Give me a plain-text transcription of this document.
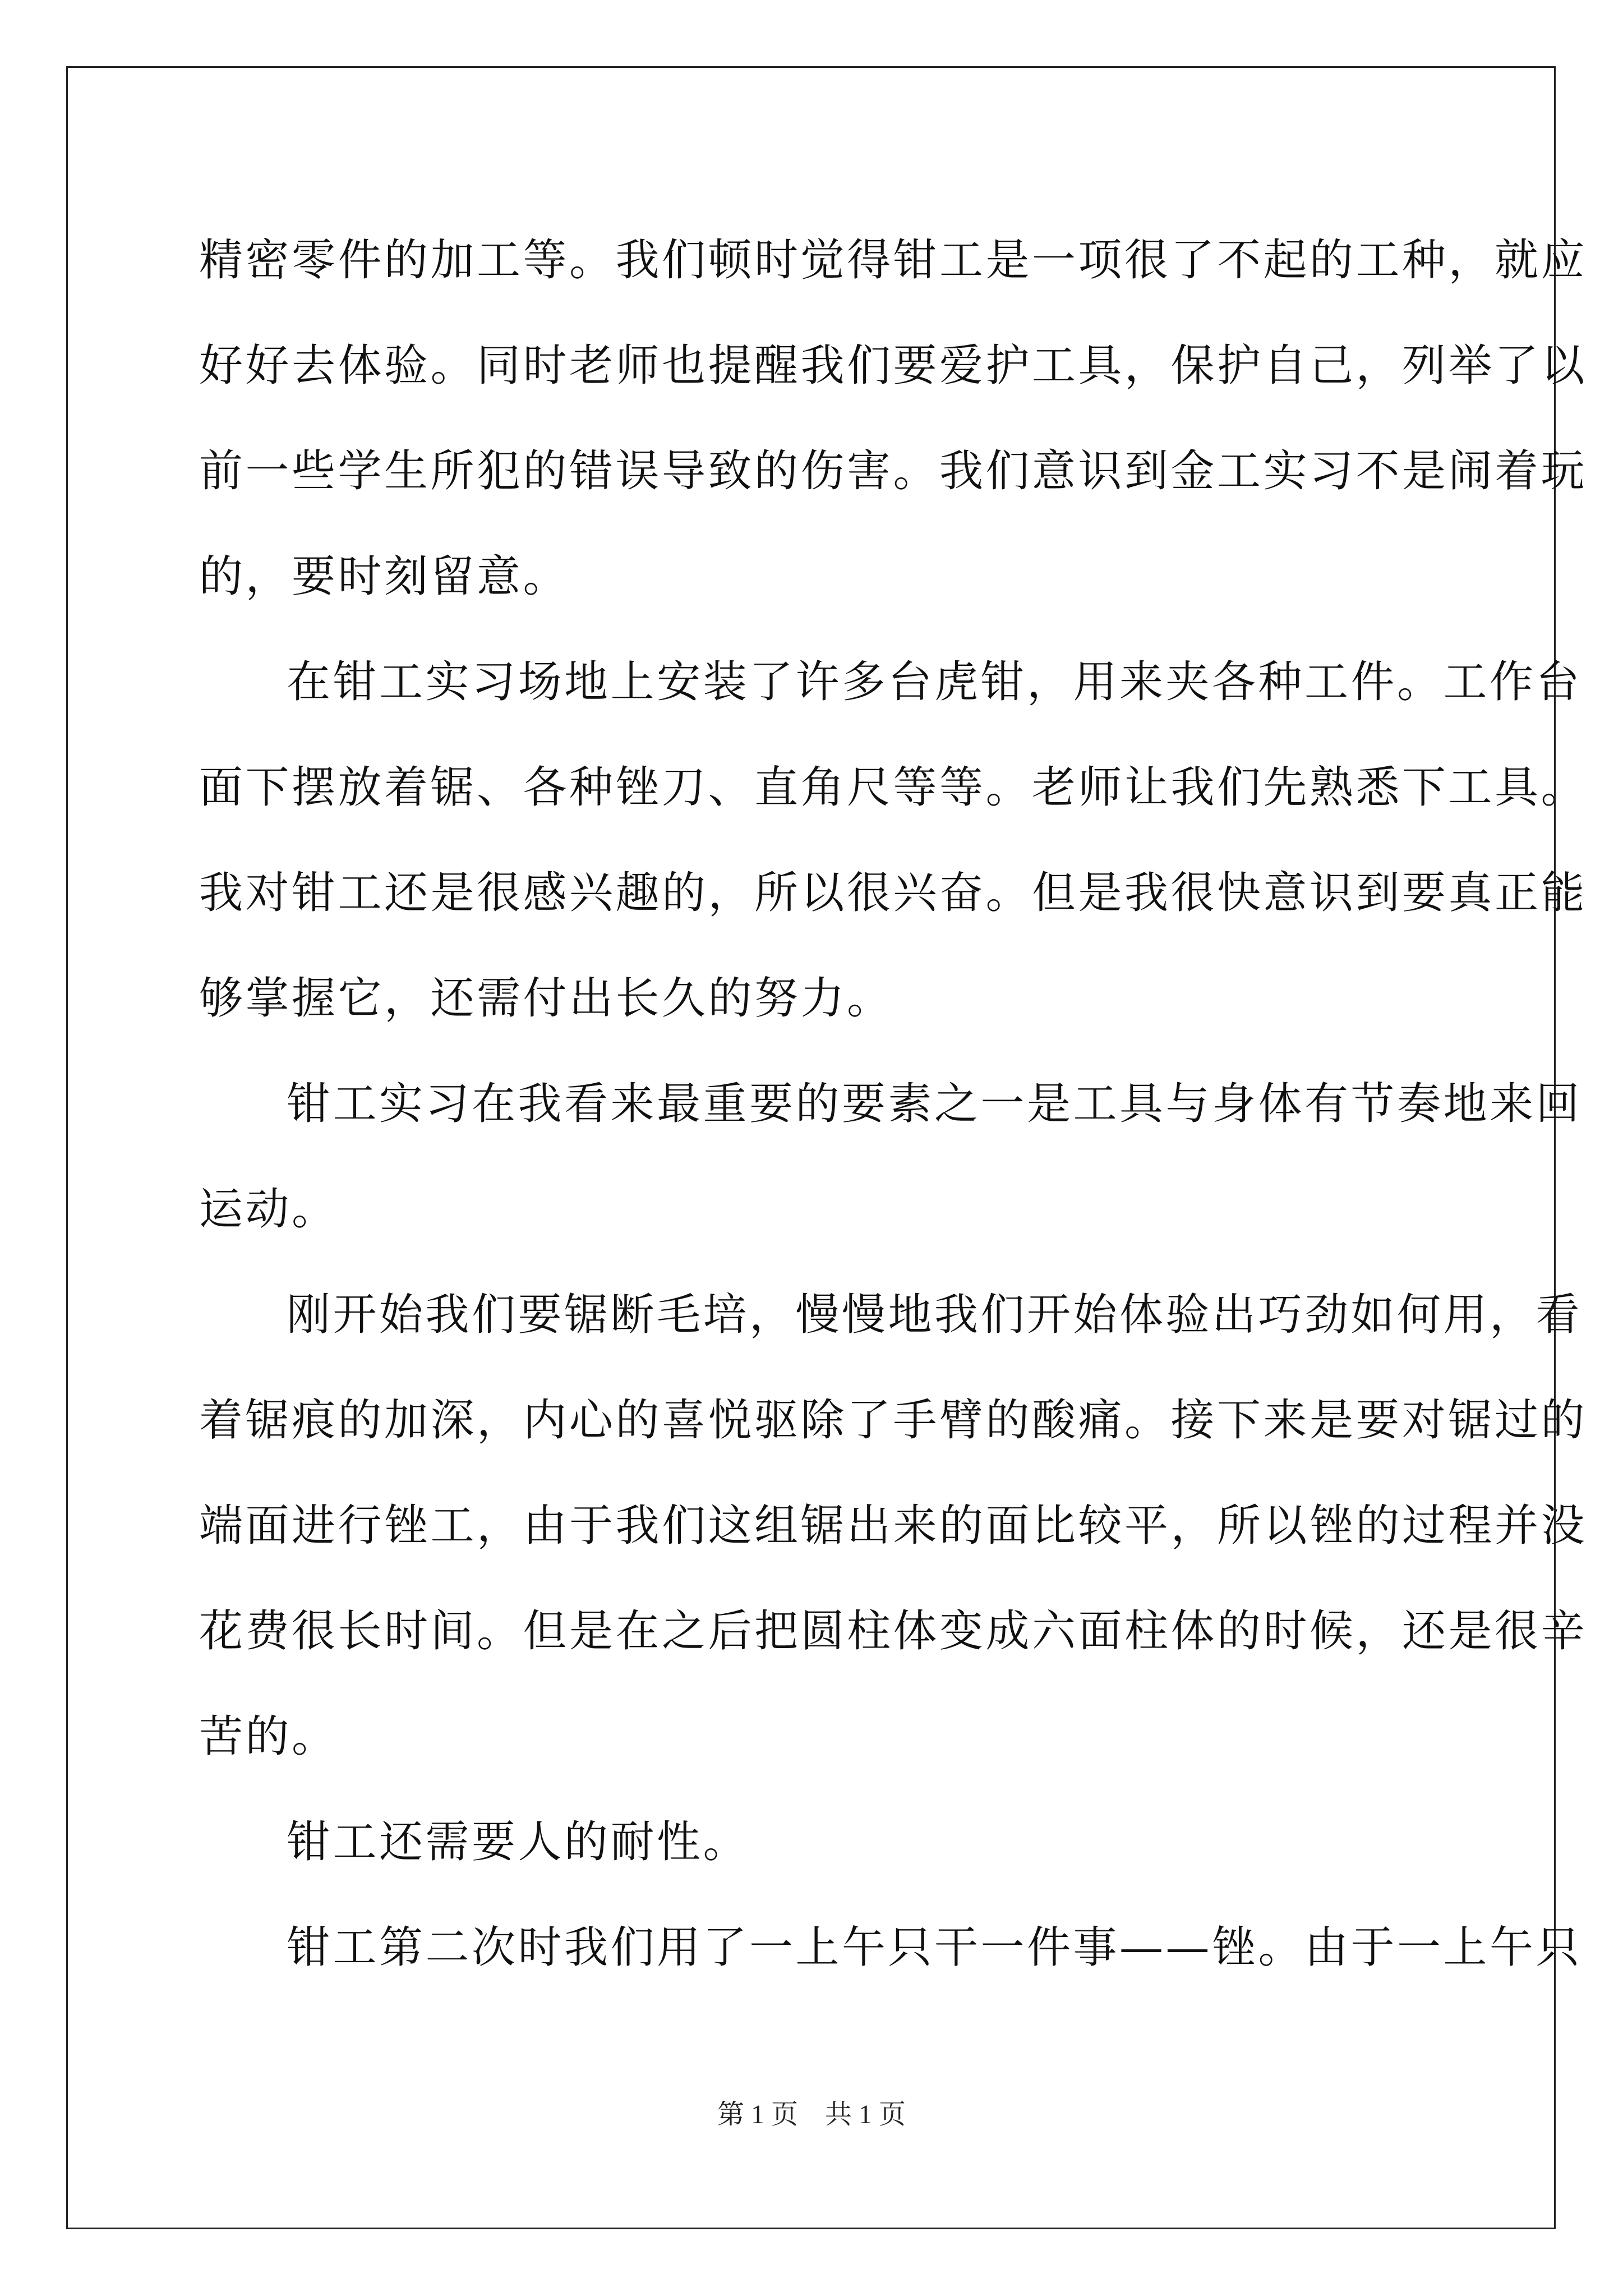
精密零件的加工等。我们顿时觉得钳工是一项很了不起的工种，就应
好好去体验。同时老师也提醒我们要爱护工具，保护自己，列举了以
前一些学生所犯的错误导致的伤害。我们意识到金工实习不是闹着玩
的，要时刻留意。
在钳工实习场地上安装了许多台虎钳，用来夹各种工件。工作台
面下摆放着锯、各种锉刀、直角尺等等。老师让我们先熟悉下工具。
我对钳工还是很感兴趣的，所以很兴奋。但是我很快意识到要真正能
够掌握它，还需付出长久的努力。
钳工实习在我看来最重要的要素之一是工具与身体有节奏地来回
运动。
刚开始我们要锯断毛培，慢慢地我们开始体验出巧劲如何用，看
着锯痕的加深，内心的喜悦驱除了手臂的酸痛。接下来是要对锯过的
端面进行锉工，由于我们这组锯出来的面比较平，所以锉的过程并没
花费很长时间。但是在之后把圆柱体变成六面柱体的时候，还是很辛
苦的。
钳工还需要人的耐性。
钳工第二次时我们用了一上午只干一件事——锉。由于一上午只
第 1 页　共 1 页
